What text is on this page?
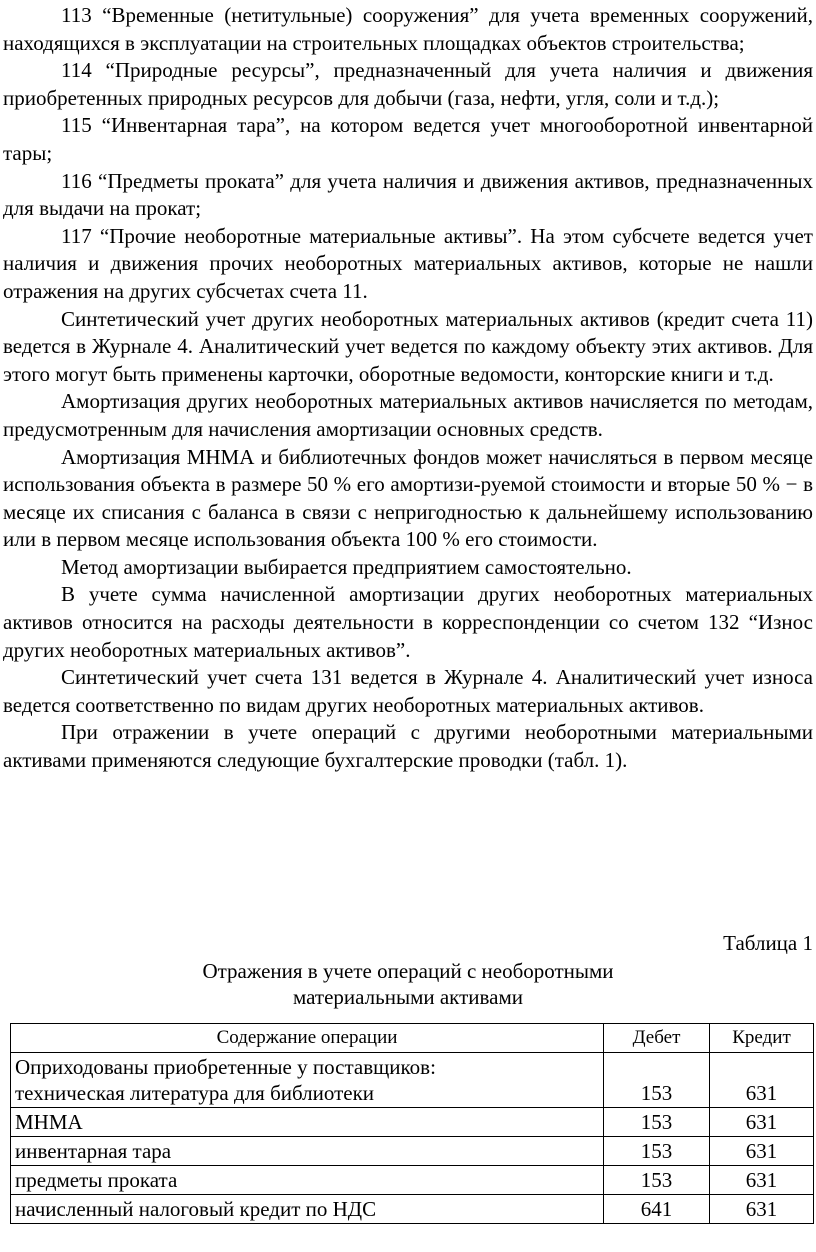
113 “Временные (нетитульные) сооружения” для учета временных сооружений, находящихся в эксплуатации на строительных площадках объектов строительства;

114 “Природные ресурсы”, предназначенный для учета наличия и движения приобретенных природных ресурсов для добычи (газа, нефти, угля, соли и т.д.);

115 “Инвентарная тара”, на котором ведется учет многооборотной инвентарной тары;

116 “Предметы проката” для учета наличия и движения активов, предназначенных для выдачи на прокат;

117 “Прочие необоротные материальные активы”. На этом субсчете ведется учет наличия и движения прочих необоротных материальных активов, которые не нашли отражения на других субсчетах счета 11.

Синтетический учет других необоротных материальных активов (кредит счета 11) ведется в Журнале 4. Аналитический учет ведется по каждому объекту этих активов. Для этого могут быть применены карточки, оборотные ведомости, конторские книги и т.д.

Амортизация других необоротных материальных активов начисляется по методам, предусмотренным для начисления амортизации основных средств.

Амортизация МНМА и библиотечных фондов может начисляться в первом месяце использования объекта в размере 50 % его амортизи-руемой стоимости и вторые 50 % − в месяце их списания с баланса в связи с непригодностью к дальнейшему использованию или в первом месяце использования объекта 100 % его стоимости.

Метод амортизации выбирается предприятием самостоятельно.

В учете сумма начисленной амортизации других необоротных материальных активов относится на расходы деятельности в корреспонденции со счетом 132 “Износ других необоротных материальных активов”.

Синтетический учет счета 131 ведется в Журнале 4. Аналитический учет износа ведется соответственно по видам других необоротных материальных активов.

При отражении в учете операций с другими необоротными материальными активами применяются следующие бухгалтерские проводки (табл. 1).

Таблица 1
Отражения в учете операций с необоротными
материальными активами
Содержание операции	Дебет	Кредит

Оприходованы приобретенные у поставщиков:
техническая литература для библиотеки	153	631
МНМА	153	631
инвентарная тара	153	631
предметы проката	153	631
начисленный налоговый кредит по НДС	641	631
